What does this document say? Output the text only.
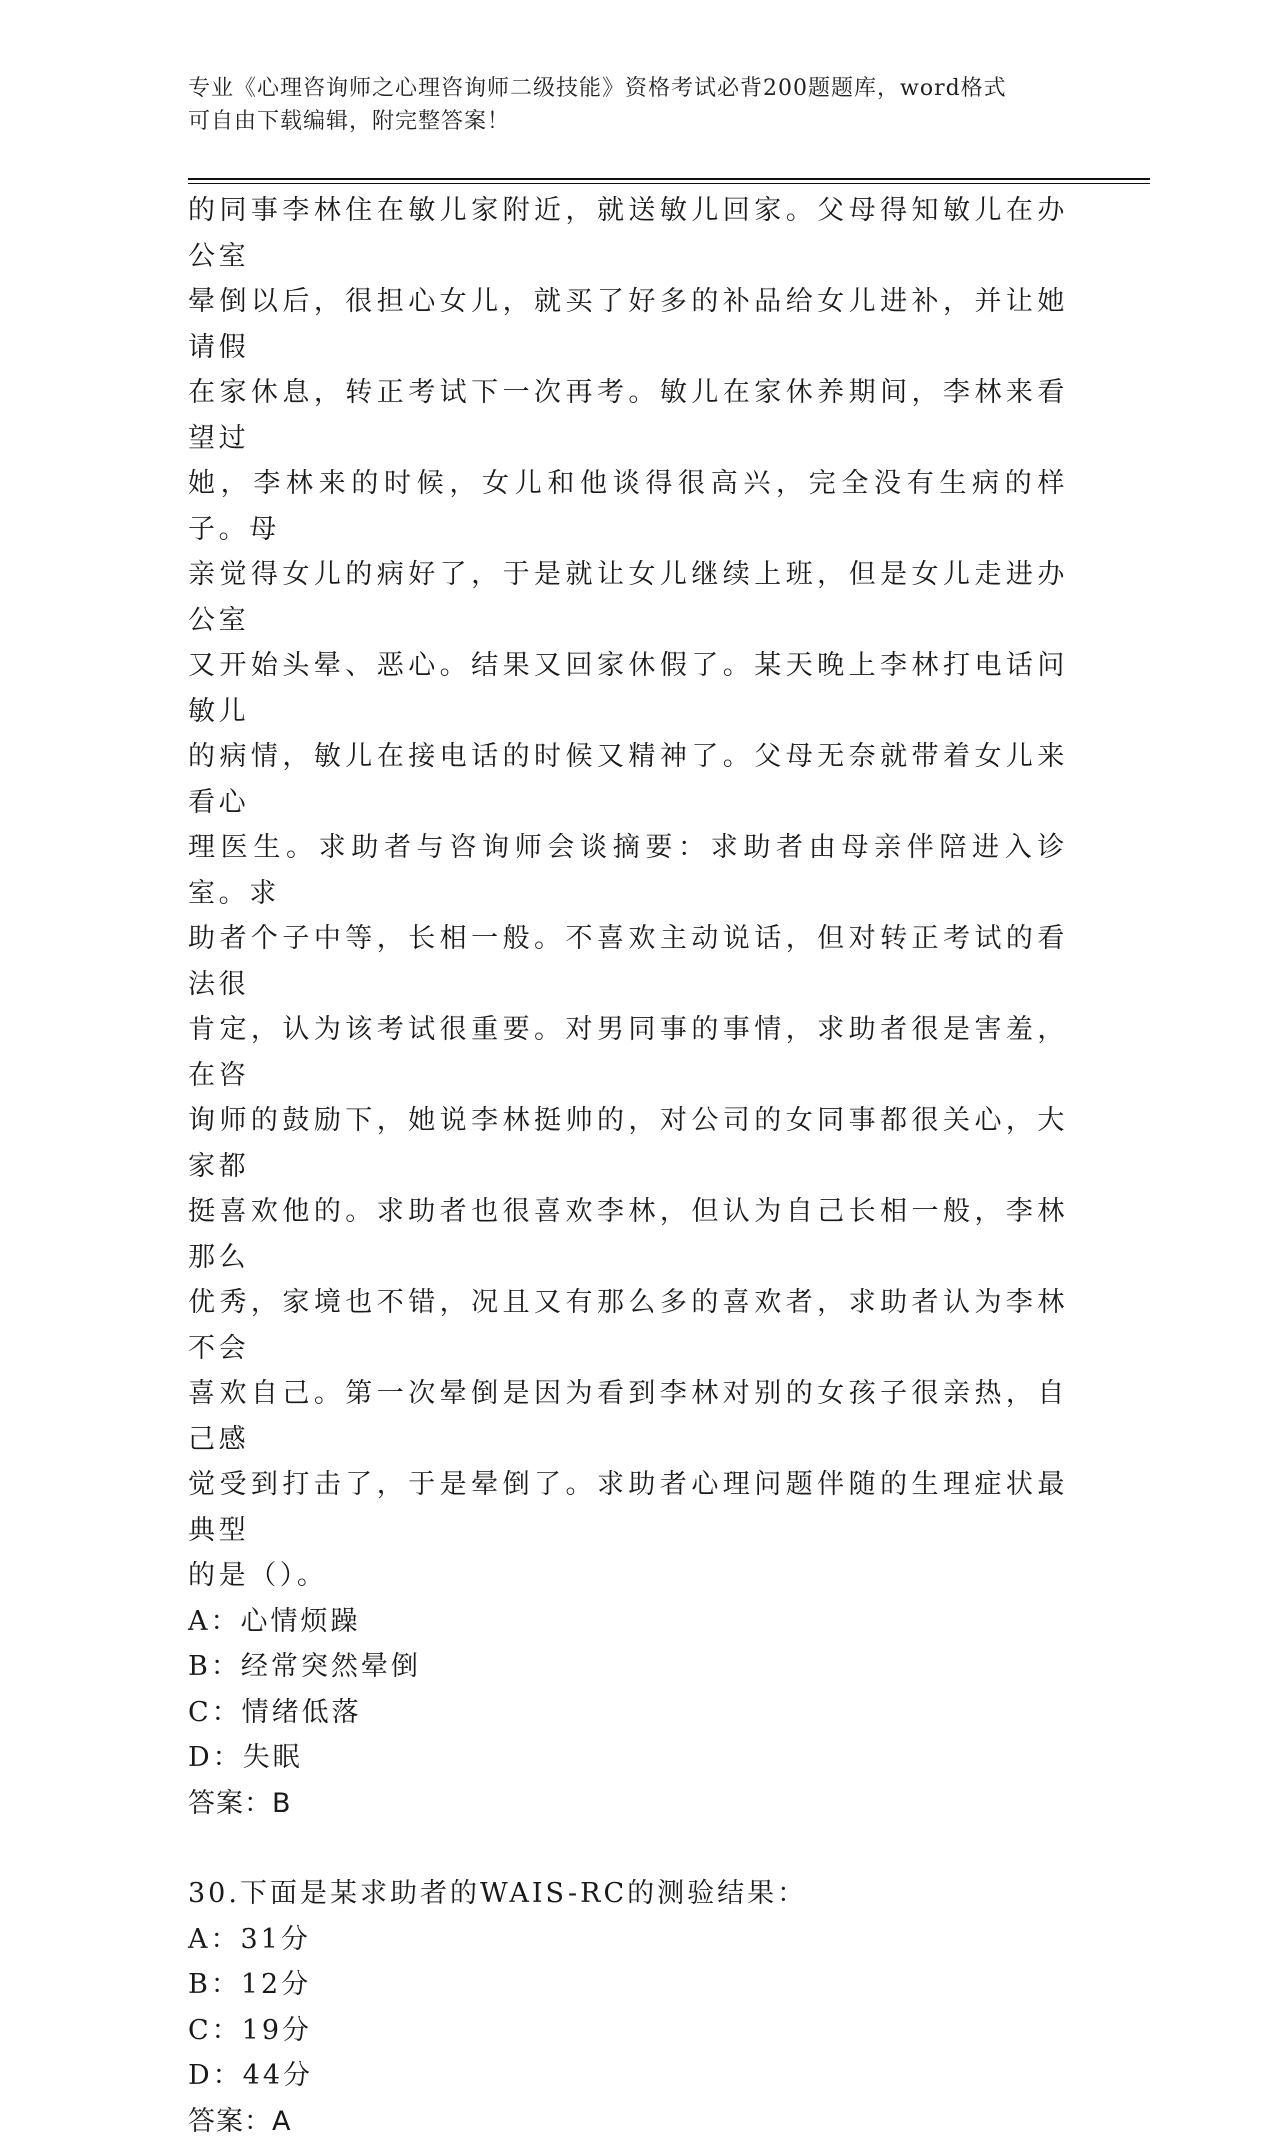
专业《心理咨询师之心理咨询师二级技能》资格考试必背200题题库，word格式
可自由下载编辑，附完整答案！

的同事李林住在敏儿家附近，就送敏儿回家。父母得知敏儿在办公室

晕倒以后，很担心女儿，就买了好多的补品给女儿进补，并让她请假

在家休息，转正考试下一次再考。敏儿在家休养期间，李林来看望过

她，李林来的时候，女儿和他谈得很高兴，完全没有生病的样子。母

亲觉得女儿的病好了，于是就让女儿继续上班，但是女儿走进办公室

又开始头晕、恶心。结果又回家休假了。某天晚上李林打电话问敏儿

的病情，敏儿在接电话的时候又精神了。父母无奈就带着女儿来看心

理医生。求助者与咨询师会谈摘要：求助者由母亲伴陪进入诊室。求

助者个子中等，长相一般。不喜欢主动说话，但对转正考试的看法很

肯定，认为该考试很重要。对男同事的事情，求助者很是害羞，在咨

询师的鼓励下，她说李林挺帅的，对公司的女同事都很关心，大家都

挺喜欢他的。求助者也很喜欢李林，但认为自己长相一般，李林那么

优秀，家境也不错，况且又有那么多的喜欢者，求助者认为李林不会

喜欢自己。第一次晕倒是因为看到李林对别的女孩子很亲热，自己感

觉受到打击了，于是晕倒了。求助者心理问题伴随的生理症状最典型

的是（）。

A：心情烦躁

B：经常突然晕倒

C：情绪低落

D：失眠

答案：B

30.下面是某求助者的WAIS-RC的测验结果：

A：31分

B：12分

C：19分

D：44分

答案：A
